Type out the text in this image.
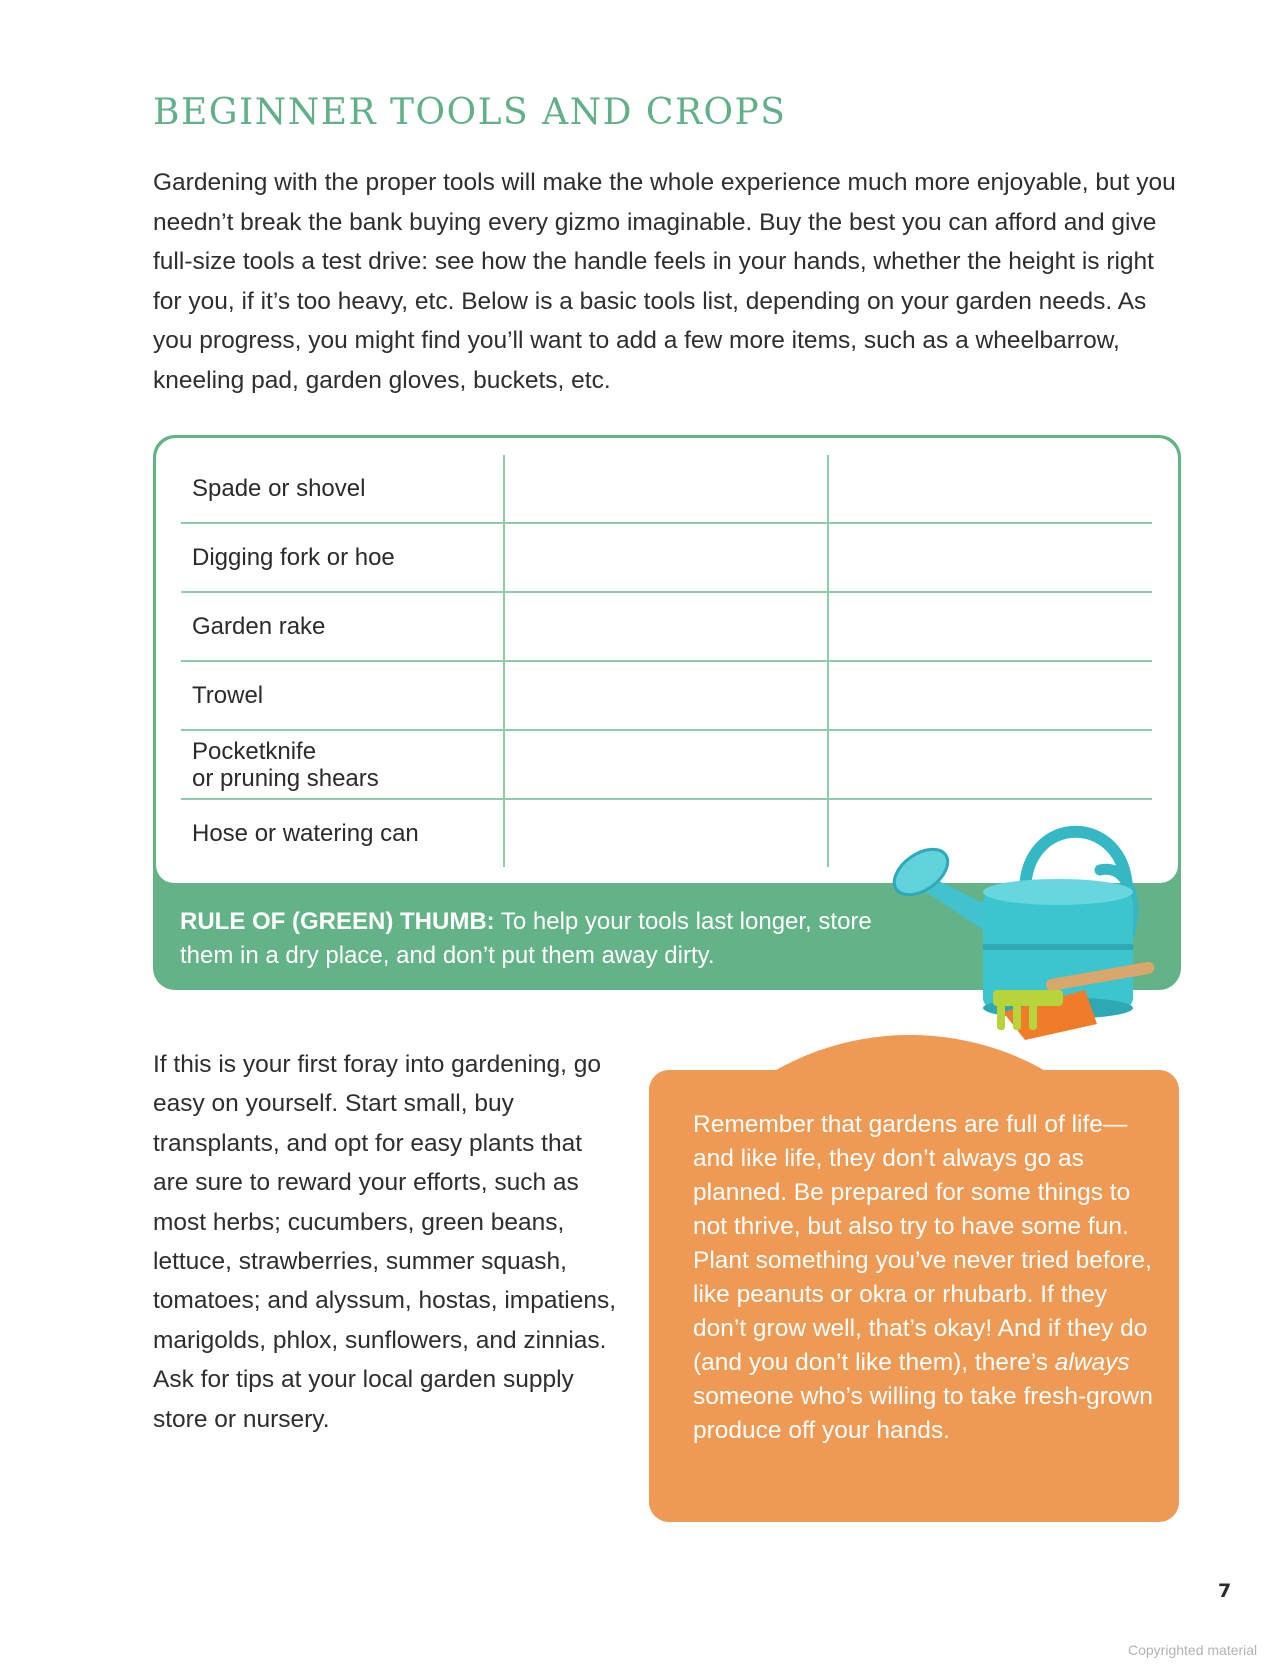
BEGINNER TOOLS AND CROPS

Gardening with the proper tools will make the whole experience much more enjoyable, but you needn’t break the bank buying every gizmo imaginable. Buy the best you can afford and give full-size tools a test drive: see how the handle feels in your hands, whether the height is right for you, if it’s too heavy, etc. Below is a basic tools list, depending on your garden needs. As you progress, you might find you’ll want to add a few more items, such as a wheelbarrow, kneeling pad, garden gloves, buckets, etc.

Spade or shovel		
Digging fork or hoe		
Garden rake		
Trowel		
Pocketknife
or pruning shears		
Hose or watering can		

RULE OF (GREEN) THUMB: To help your tools last longer, store them in a dry place, and don’t put them away dirty.

If this is your first foray into gardening, go easy on yourself. Start small, buy transplants, and opt for easy plants that are sure to reward your efforts, such as most herbs; cucumbers, green beans, lettuce, strawberries, summer squash, tomatoes; and alyssum, hostas, impatiens, marigolds, phlox, sunflowers, and zinnias. Ask for tips at your local garden supply store or nursery.

Remember that gardens are full of life—and like life, they don’t always go as planned. Be prepared for some things to not thrive, but also try to have some fun. Plant something you’ve never tried before, like peanuts or okra or rhubarb. If they don’t grow well, that’s okay! And if they do (and you don’t like them), there’s always someone who’s willing to take fresh-grown produce off your hands.

7

Copyrighted material
